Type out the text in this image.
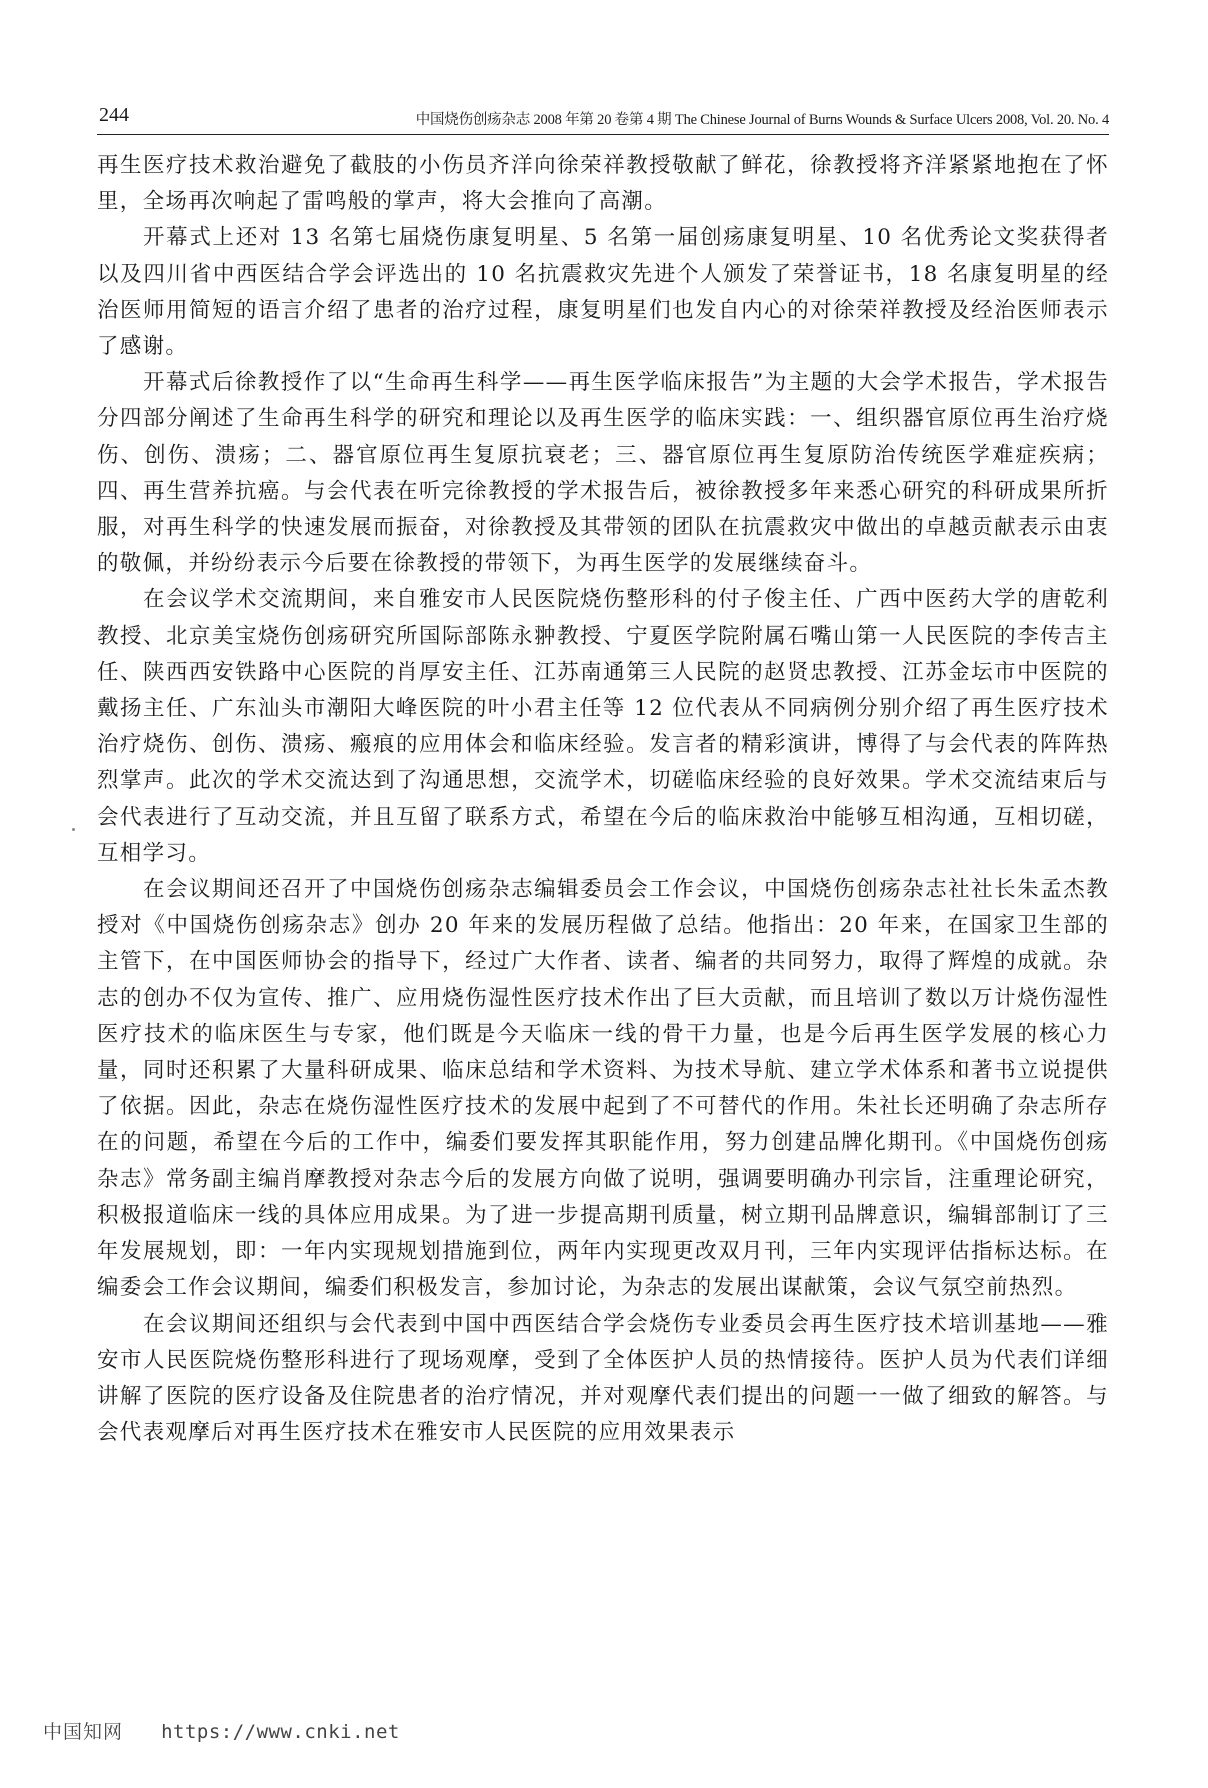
244	中国烧伤创疡杂志 2008 年第 20 卷第 4 期 The Chinese Journal of Burns Wounds & Surface Ulcers 2008, Vol. 20. No. 4

再生医疗技术救治避免了截肢的小伤员齐洋向徐荣祥教授敬献了鲜花，徐教授将齐洋紧紧地抱在了怀里，全场再次响起了雷鸣般的掌声，将大会推向了高潮。

开幕式上还对 13 名第七届烧伤康复明星、5 名第一届创疡康复明星、10 名优秀论文奖获得者以及四川省中西医结合学会评选出的 10 名抗震救灾先进个人颁发了荣誉证书，18 名康复明星的经治医师用简短的语言介绍了患者的治疗过程，康复明星们也发自内心的对徐荣祥教授及经治医师表示了感谢。

开幕式后徐教授作了以“生命再生科学——再生医学临床报告”为主题的大会学术报告，学术报告分四部分阐述了生命再生科学的研究和理论以及再生医学的临床实践：一、组织器官原位再生治疗烧伤、创伤、溃疡；二、器官原位再生复原抗衰老；三、器官原位再生复原防治传统医学难症疾病；四、再生营养抗癌。与会代表在听完徐教授的学术报告后，被徐教授多年来悉心研究的科研成果所折服，对再生科学的快速发展而振奋，对徐教授及其带领的团队在抗震救灾中做出的卓越贡献表示由衷的敬佩，并纷纷表示今后要在徐教授的带领下，为再生医学的发展继续奋斗。

在会议学术交流期间，来自雅安市人民医院烧伤整形科的付子俊主任、广西中医药大学的唐乾利教授、北京美宝烧伤创疡研究所国际部陈永翀教授、宁夏医学院附属石嘴山第一人民医院的李传吉主任、陕西西安铁路中心医院的肖厚安主任、江苏南通第三人民院的赵贤忠教授、江苏金坛市中医院的戴扬主任、广东汕头市潮阳大峰医院的叶小君主任等 12 位代表从不同病例分别介绍了再生医疗技术治疗烧伤、创伤、溃疡、瘢痕的应用体会和临床经验。发言者的精彩演讲，博得了与会代表的阵阵热烈掌声。此次的学术交流达到了沟通思想，交流学术，切磋临床经验的良好效果。学术交流结束后与会代表进行了互动交流，并且互留了联系方式，希望在今后的临床救治中能够互相沟通，互相切磋，互相学习。

在会议期间还召开了中国烧伤创疡杂志编辑委员会工作会议，中国烧伤创疡杂志社社长朱孟杰教授对《中国烧伤创疡杂志》创办 20 年来的发展历程做了总结。他指出：20 年来，在国家卫生部的主管下，在中国医师协会的指导下，经过广大作者、读者、编者的共同努力，取得了辉煌的成就。杂志的创办不仅为宣传、推广、应用烧伤湿性医疗技术作出了巨大贡献，而且培训了数以万计烧伤湿性医疗技术的临床医生与专家，他们既是今天临床一线的骨干力量，也是今后再生医学发展的核心力量，同时还积累了大量科研成果、临床总结和学术资料、为技术导航、建立学术体系和著书立说提供了依据。因此，杂志在烧伤湿性医疗技术的发展中起到了不可替代的作用。朱社长还明确了杂志所存在的问题，希望在今后的工作中，编委们要发挥其职能作用，努力创建品牌化期刊。《中国烧伤创疡杂志》常务副主编肖摩教授对杂志今后的发展方向做了说明，强调要明确办刊宗旨，注重理论研究，积极报道临床一线的具体应用成果。为了进一步提高期刊质量，树立期刊品牌意识，编辑部制订了三年发展规划，即：一年内实现规划措施到位，两年内实现更改双月刊，三年内实现评估指标达标。在编委会工作会议期间，编委们积极发言，参加讨论，为杂志的发展出谋献策，会议气氛空前热烈。

在会议期间还组织与会代表到中国中西医结合学会烧伤专业委员会再生医疗技术培训基地——雅安市人民医院烧伤整形科进行了现场观摩，受到了全体医护人员的热情接待。医护人员为代表们详细讲解了医院的医疗设备及住院患者的治疗情况，并对观摩代表们提出的问题一一做了细致的解答。与会代表观摩后对再生医疗技术在雅安市人民医院的应用效果表示

中国知网 https://www.cnki.net
